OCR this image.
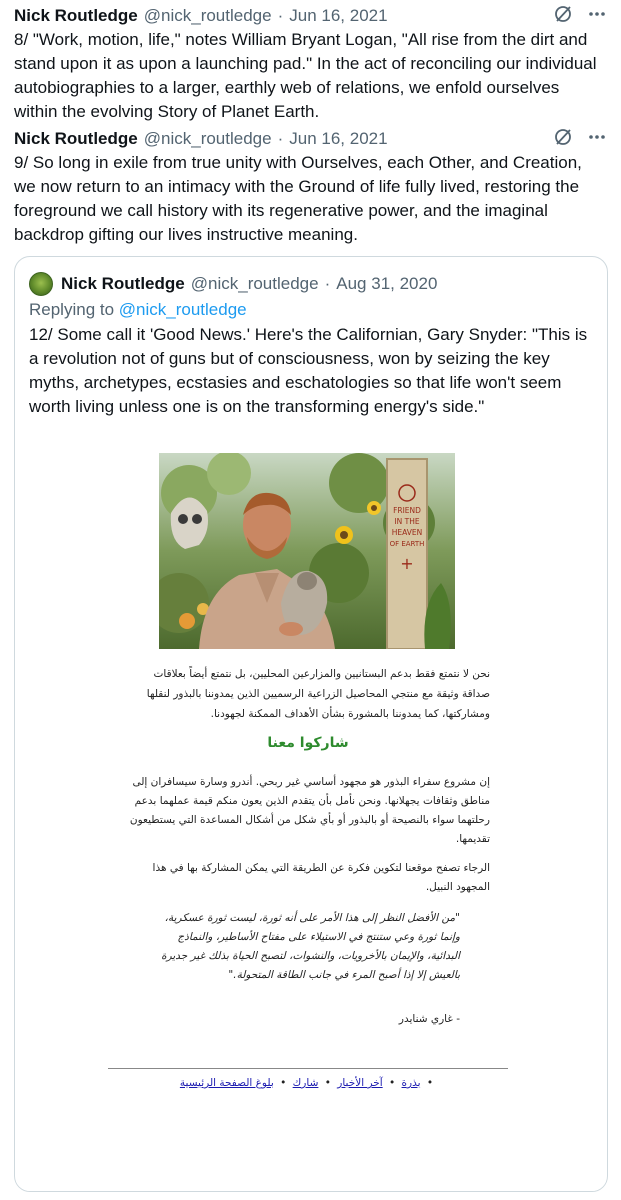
Nick Routledge @nick_routledge · Jun 16, 2021
8/ "Work, motion, life," notes William Bryant Logan, "All rise from the dirt and stand upon it as upon a launching pad." In the act of reconciling our individual autobiographies to a larger, earthly web of relations, we enfold ourselves within the evolving Story of Planet Earth.
Nick Routledge @nick_routledge · Jun 16, 2021
9/ So long in exile from true unity with Ourselves, each Other, and Creation, we now return to an intimacy with the Ground of life fully lived, restoring the foreground we call history with its regenerative power, and the imaginal backdrop gifting our lives instructive meaning.
Nick Routledge @nick_routledge · Aug 31, 2020
Replying to @nick_routledge
12/ Some call it 'Good News.' Here's the Californian, Gary Snyder: "This is a revolution not of guns but of consciousness, won by seizing the key myths, archetypes, ecstasies and eschatologies so that life won't seem worth living unless one is on the transforming energy's side."
FRIEND
IN THE
HEAVEN
OF EARTH
+
نحن لا نتمتع فقط بدعم البستانيين والمزارعين المحليين، بل نتمتع أيضاً بعلاقات صداقة وثيقة مع منتجي المحاصيل الزراعية الرسميين الذين يمدوننا بالبذور لنقلها ومشاركتها، كما يمدوننا بالمشورة بشأن الأهداف الممكنة لجهودنا.
شاركوا معنا
إن مشروع سفراء البذور هو مجهود أساسي غير ربحي. أندرو وسارة سيسافران إلى مناطق وثقافات يجهلانها. ونحن نأمل بأن يتقدم الذين يعون منكم قيمة عملهما بدعم رحلتهما سواء بالنصيحة أو بالبذور أو بأي شكل من أشكال المساعدة التي يستطيعون تقديمها.
الرجاء تصفح موقعنا لتكوين فكرة عن الطريقة التي يمكن المشاركة بها في هذا المجهود النبيل.
"من الأفضل النظر إلى هذا الأمر على أنه ثورة، ليست ثورة عسكرية، وإنما ثورة وعي ستنتج في الاستيلاء على مفتاح الأساطير، والنماذج البدائية، والإيمان بالأخرويات، والنشوات، لتصبح الحياة بذلك غير جديرة بالعيش إلا إذا أصبح المرء في جانب الطاقة المتحولة."
- غاري شنايدر
• بذرة • آخر الأخبار • شارك • بلوغ الصفحة الرئيسية
